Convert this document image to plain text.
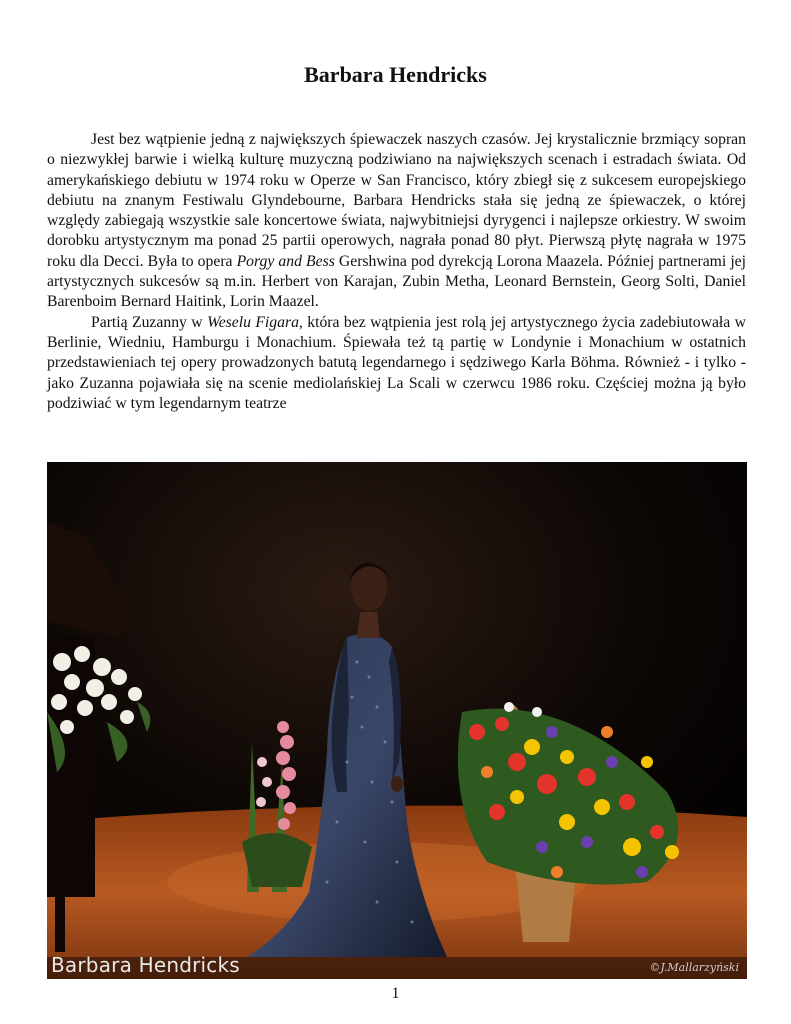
Barbara Hendricks

Jest bez wątpienie jedną z największych śpiewaczek naszych czasów. Jej krystalicznie brzmiący sopran o niezwykłej barwie i wielką kulturę muzyczną podziwiano na największych scenach i estradach świata. Od amerykańskiego debiutu w 1974 roku w Operze w San Francisco, który zbiegł się z sukcesem europejskiego debiutu na znanym Festiwalu Glyndebourne, Barbara Hendricks stała się jedną ze śpiewaczek, o której względy zabiegają wszystkie sale koncertowe świata, najwybitniejsi dyrygenci i najlepsze orkiestry. W swoim dorobku artystycznym ma ponad 25 partii operowych, nagrała ponad 80 płyt. Pierwszą płytę nagrała w 1975 roku dla Decci. Była to opera Porgy and Bess Gershwina pod dyrekcją Lorona Maazela. Później partnerami jej artystycznych sukcesów są m.in. Herbert von Karajan, Zubin Metha, Leonard Bernstein, Georg Solti, Daniel Barenboim Bernard Haitink, Lorin Maazel.

Partią Zuzanny w Weselu Figara, która bez wątpienia jest rolą jej artystycznego życia zadebiutowała w Berlinie, Wiedniu, Hamburgu i Monachium. Śpiewała też tą partię w Londynie i Monachium w ostatnich przedstawieniach tej opery prowadzonych batutą legendarnego i sędziwego Karla Böhma. Również - i tylko - jako Zuzanna pojawiała się na scenie mediolańskiej La Scali w czerwcu 1986 roku. Częściej można ją było podziwiać w tym legendarnym teatrze

Barbara Hendricks	©J.Mallarzyński
1
